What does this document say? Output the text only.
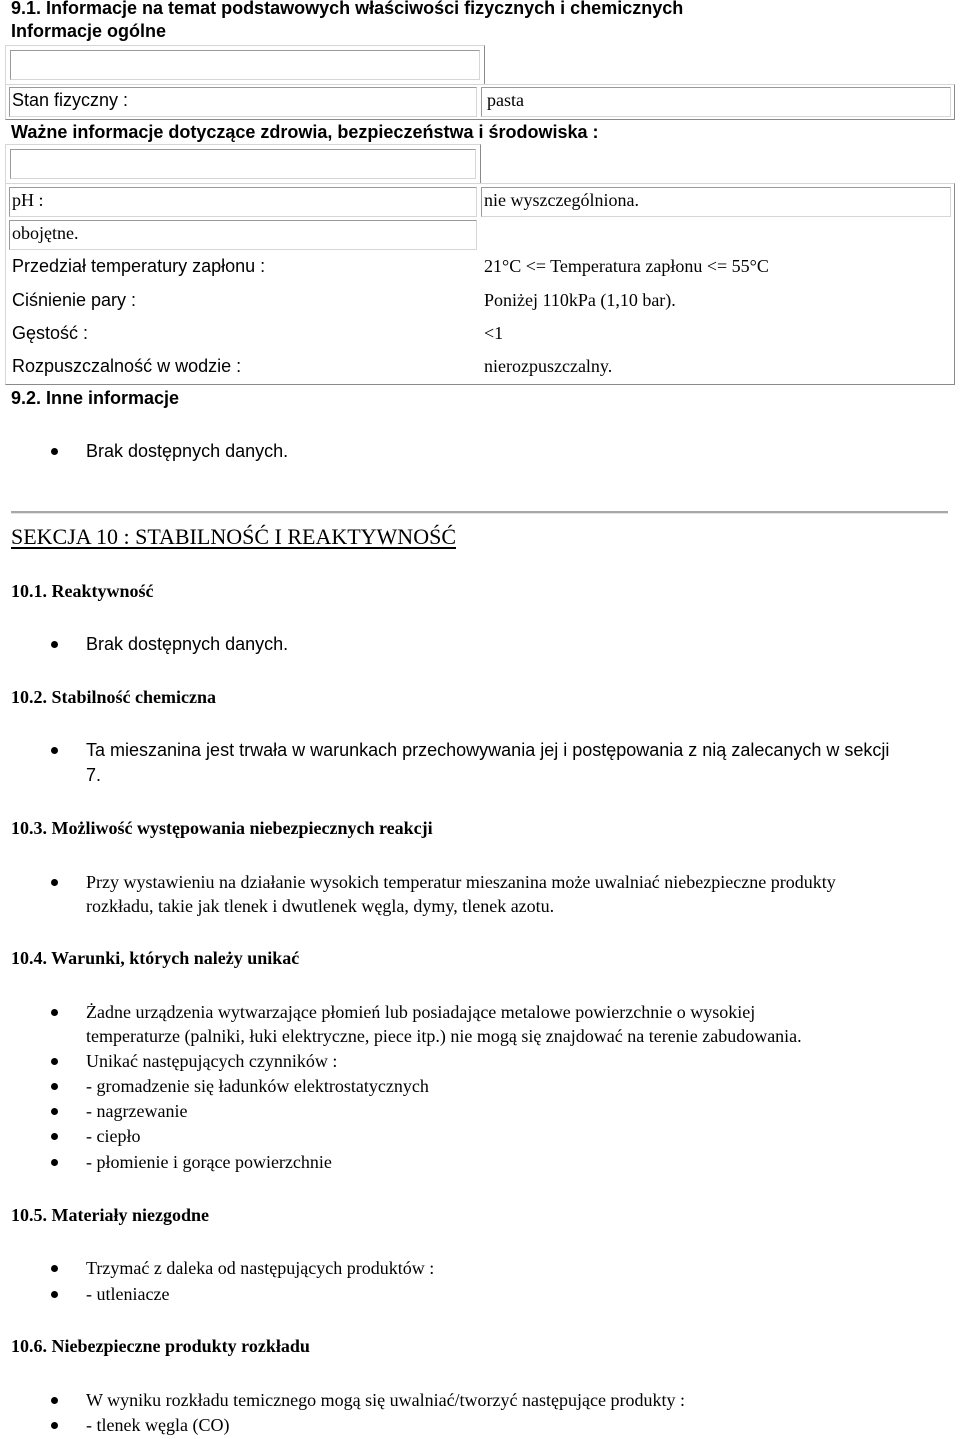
9.1. Informacje na temat podstawowych właściwości fizycznych i chemicznych
Informacje ogólne
Stan fizyczny :	pasta
Ważne informacje dotyczące zdrowia, bezpieczeństwa i środowiska :
pH :	nie wyszczególniona.
obojętne.
Przedział temperatury zapłonu :	21°C <= Temperatura zapłonu <= 55°C
Ciśnienie pary :	Poniżej 110kPa (1,10 bar).
Gęstość :	<1
Rozpuszczalność w wodzie :	nierozpuszczalny.
9.2. Inne informacje
Brak dostępnych danych.
SEKCJA 10 : STABILNOŚĆ I REAKTYWNOŚĆ
10.1. Reaktywność
Brak dostępnych danych.
10.2. Stabilność chemiczna
Ta mieszanina jest trwała w warunkach przechowywania jej i postępowania z nią zalecanych w sekcji
7.
10.3. Możliwość występowania niebezpiecznych reakcji
Przy wystawieniu na działanie wysokich temperatur mieszanina może uwalniać niebezpieczne produkty
rozkładu, takie jak tlenek i dwutlenek węgla, dymy, tlenek azotu.
10.4. Warunki, których należy unikać
Żadne urządzenia wytwarzające płomień lub posiadające metalowe powierzchnie o wysokiej
temperaturze (palniki, łuki elektryczne, piece itp.) nie mogą się znajdować na terenie zabudowania.
Unikać następujących czynników :
- gromadzenie się ładunków elektrostatycznych
- nagrzewanie
- ciepło
- płomienie i gorące powierzchnie
10.5. Materiały niezgodne
Trzymać z daleka od następujących produktów :
- utleniacze
10.6. Niebezpieczne produkty rozkładu
W wyniku rozkładu temicznego mogą się uwalniać/tworzyć następujące produkty :
- tlenek węgla (CO)
